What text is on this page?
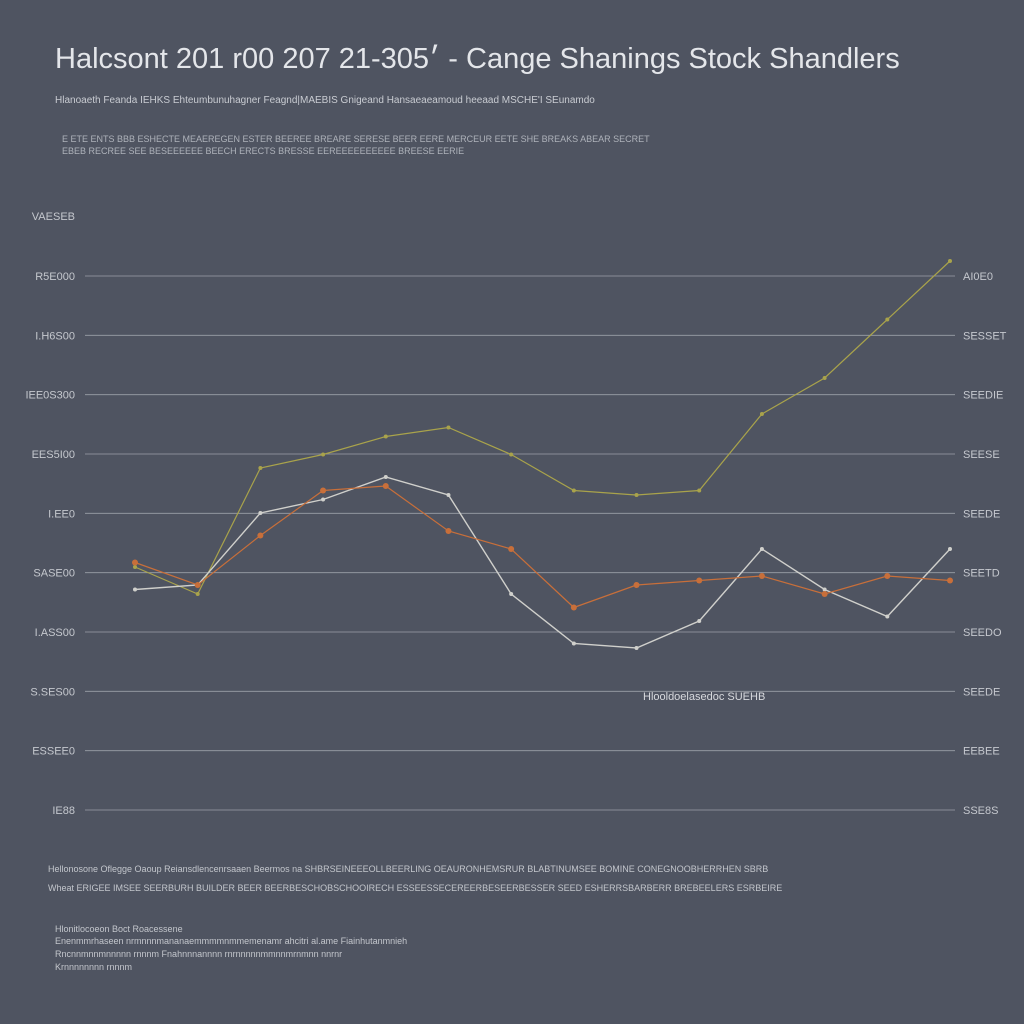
Halcsont 201 r00 ׳21-305 207 - Cange Shanings Stock Shandlers
Hlanoaeth Feanda IEHKS Ehteumbunuhagner Feagnd|MAEBIS Gnigeand Hansaeaeamoud heeaad MSCHE'I SEunamdo
E ETE ENTS BBB ESHECTE MEAEREGEN ESTER BEEREE BREARE SERESE BEER EERE MERCEUR EETE SHE BREAKS ABEAR SECRET
EBEB RECREE SEE BESEEEEEE BEECH ERECTS BRESSE EEREEEEEEEEEE BREESE EERIE
VAESEB
R5E000
I.H6S00
IEE0S300
EES5I00
I.EE0
SASE00
I.ASS00
S.SES00
ESSEE0
IE88
AI0E0
SESSET
SEEDIE
SEESE
SEEDE
SEETD
SEEDO
SEEDE
EEBEE
SSE8S
Hlooldoelasedoc SUEHB
Hellonosone Oflegge Oaoup Reiansdlencenrsaaen Beermos na SHBRSEINEEEOLLBEERLING OEAURONHEMSRUR BLABTINUMSEE BOMINE CONEGNOOBHERRHEN SBRB
Wheat ERIGEE IMSEE SEERBURH BUILDER BEER BEERBESCHOBSCHOOIRECH ESSEESSECEREERBESEERBESSER SEED ESHERRSBARBERR BREBEELERS ESRBEIRE
Hlonitlocoeon Boct Roacessene
Enenmmrhaseen nrmnnnmananaemmmmnmmemenamr ahcitri al.ame Fiainhutanmnieh
Rncnnmnnmnnnnn rnnnm Fnahnnnannnn rnrnnnnnmmnnmrnmnn nnrnr
Krnnnnnnnn rnnnm
